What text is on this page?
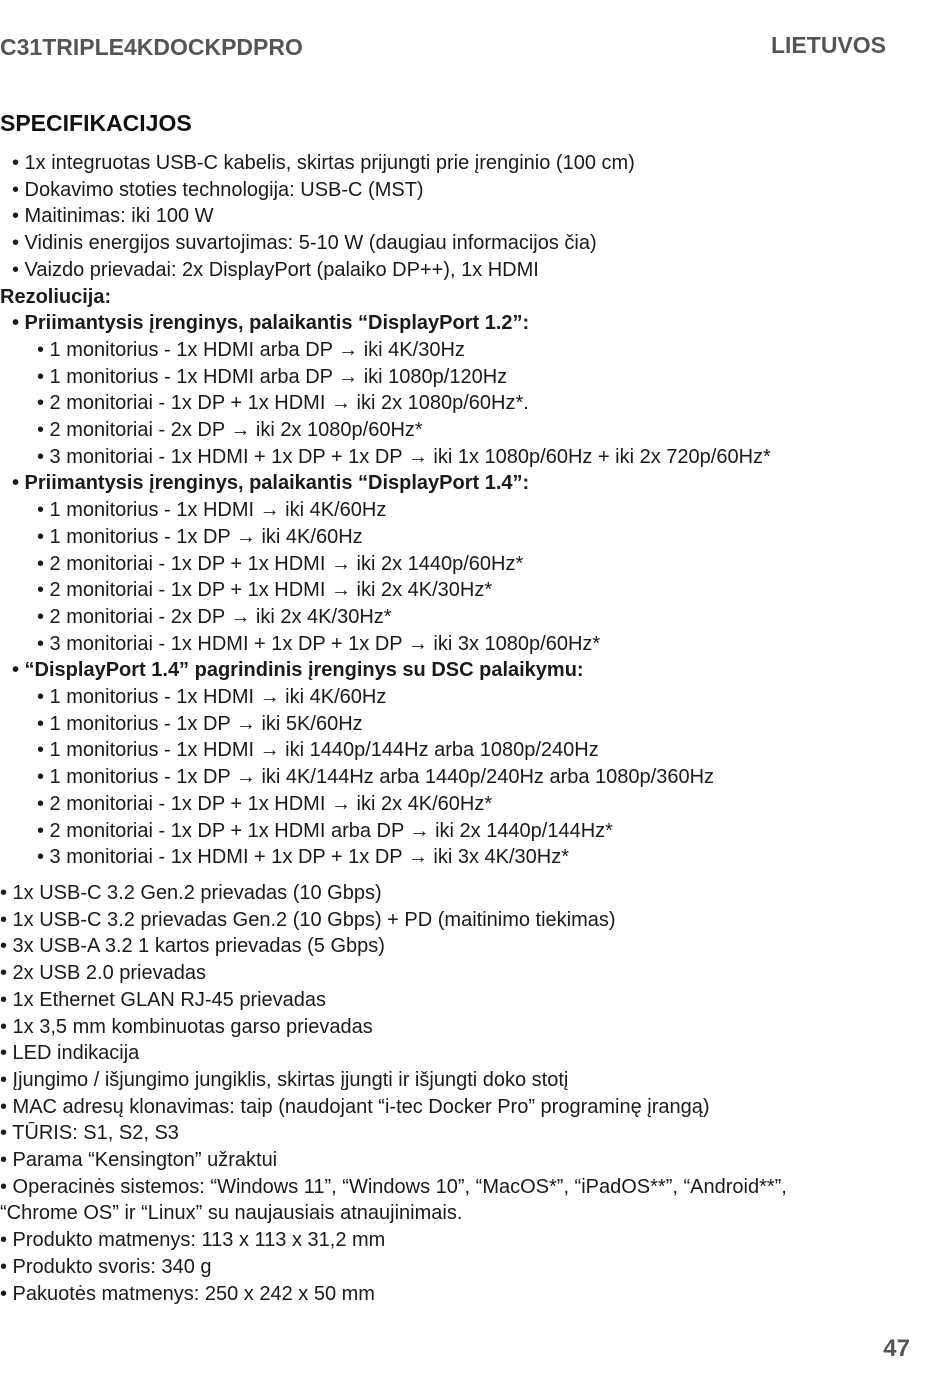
C31TRIPLE4KDOCKPDPRO	LIETUVOS
SPECIFIKACIJOS
• 1x integruotas USB-C kabelis, skirtas prijungti prie įrenginio (100 cm)
• Dokavimo stoties technologija: USB-C (MST)
• Maitinimas: iki 100 W
• Vidinis energijos suvartojimas: 5-10 W (daugiau informacijos čia)
• Vaizdo prievadai: 2x DisplayPort (palaiko DP++), 1x HDMI
Rezoliucija:
• Priimantysis įrenginys, palaikantis “DisplayPort 1.2”:
• 1 monitorius - 1x HDMI arba DP → iki 4K/30Hz
• 1 monitorius - 1x HDMI arba DP → iki 1080p/120Hz
• 2 monitoriai - 1x DP + 1x HDMI → iki 2x 1080p/60Hz*.
• 2 monitoriai - 2x DP → iki 2x 1080p/60Hz*
• 3 monitoriai - 1x HDMI + 1x DP + 1x DP → iki 1x 1080p/60Hz + iki 2x 720p/60Hz*
• Priimantysis įrenginys, palaikantis “DisplayPort 1.4”:
• 1 monitorius - 1x HDMI → iki 4K/60Hz
• 1 monitorius - 1x DP → iki 4K/60Hz
• 2 monitoriai - 1x DP + 1x HDMI → iki 2x 1440p/60Hz*
• 2 monitoriai - 1x DP + 1x HDMI → iki 2x 4K/30Hz*
• 2 monitoriai - 2x DP → iki 2x 4K/30Hz*
• 3 monitoriai - 1x HDMI + 1x DP + 1x DP → iki 3x 1080p/60Hz*
• “DisplayPort 1.4” pagrindinis įrenginys su DSC palaikymu:
• 1 monitorius - 1x HDMI → iki 4K/60Hz
• 1 monitorius - 1x DP → iki 5K/60Hz
• 1 monitorius - 1x HDMI → iki 1440p/144Hz arba 1080p/240Hz
• 1 monitorius - 1x DP → iki 4K/144Hz arba 1440p/240Hz arba 1080p/360Hz
• 2 monitoriai - 1x DP + 1x HDMI → iki 2x 4K/60Hz*
• 2 monitoriai - 1x DP + 1x HDMI arba DP → iki 2x 1440p/144Hz*
• 3 monitoriai - 1x HDMI + 1x DP + 1x DP → iki 3x 4K/30Hz*
• 1x USB-C 3.2 Gen.2 prievadas (10 Gbps)
• 1x USB-C 3.2 prievadas Gen.2 (10 Gbps) + PD (maitinimo tiekimas)
• 3x USB-A 3.2 1 kartos prievadas (5 Gbps)
• 2x USB 2.0 prievadas
• 1x Ethernet GLAN RJ-45 prievadas
• 1x 3,5 mm kombinuotas garso prievadas
• LED indikacija
• Įjungimo / išjungimo jungiklis, skirtas įjungti ir išjungti doko stotį
• MAC adresų klonavimas: taip (naudojant “i-tec Docker Pro” programinę įrangą)
• TŪRIS: S1, S2, S3
• Parama “Kensington” užraktui
• Operacinės sistemos: “Windows 11”, “Windows 10”, “MacOS*”, “iPadOS**”, “Android**”,
“Chrome OS” ir “Linux” su naujausiais atnaujinimais.
• Produkto matmenys: 113 x 113 x 31,2 mm
• Produkto svoris: 340 g
• Pakuotės matmenys: 250 x 242 x 50 mm
47
